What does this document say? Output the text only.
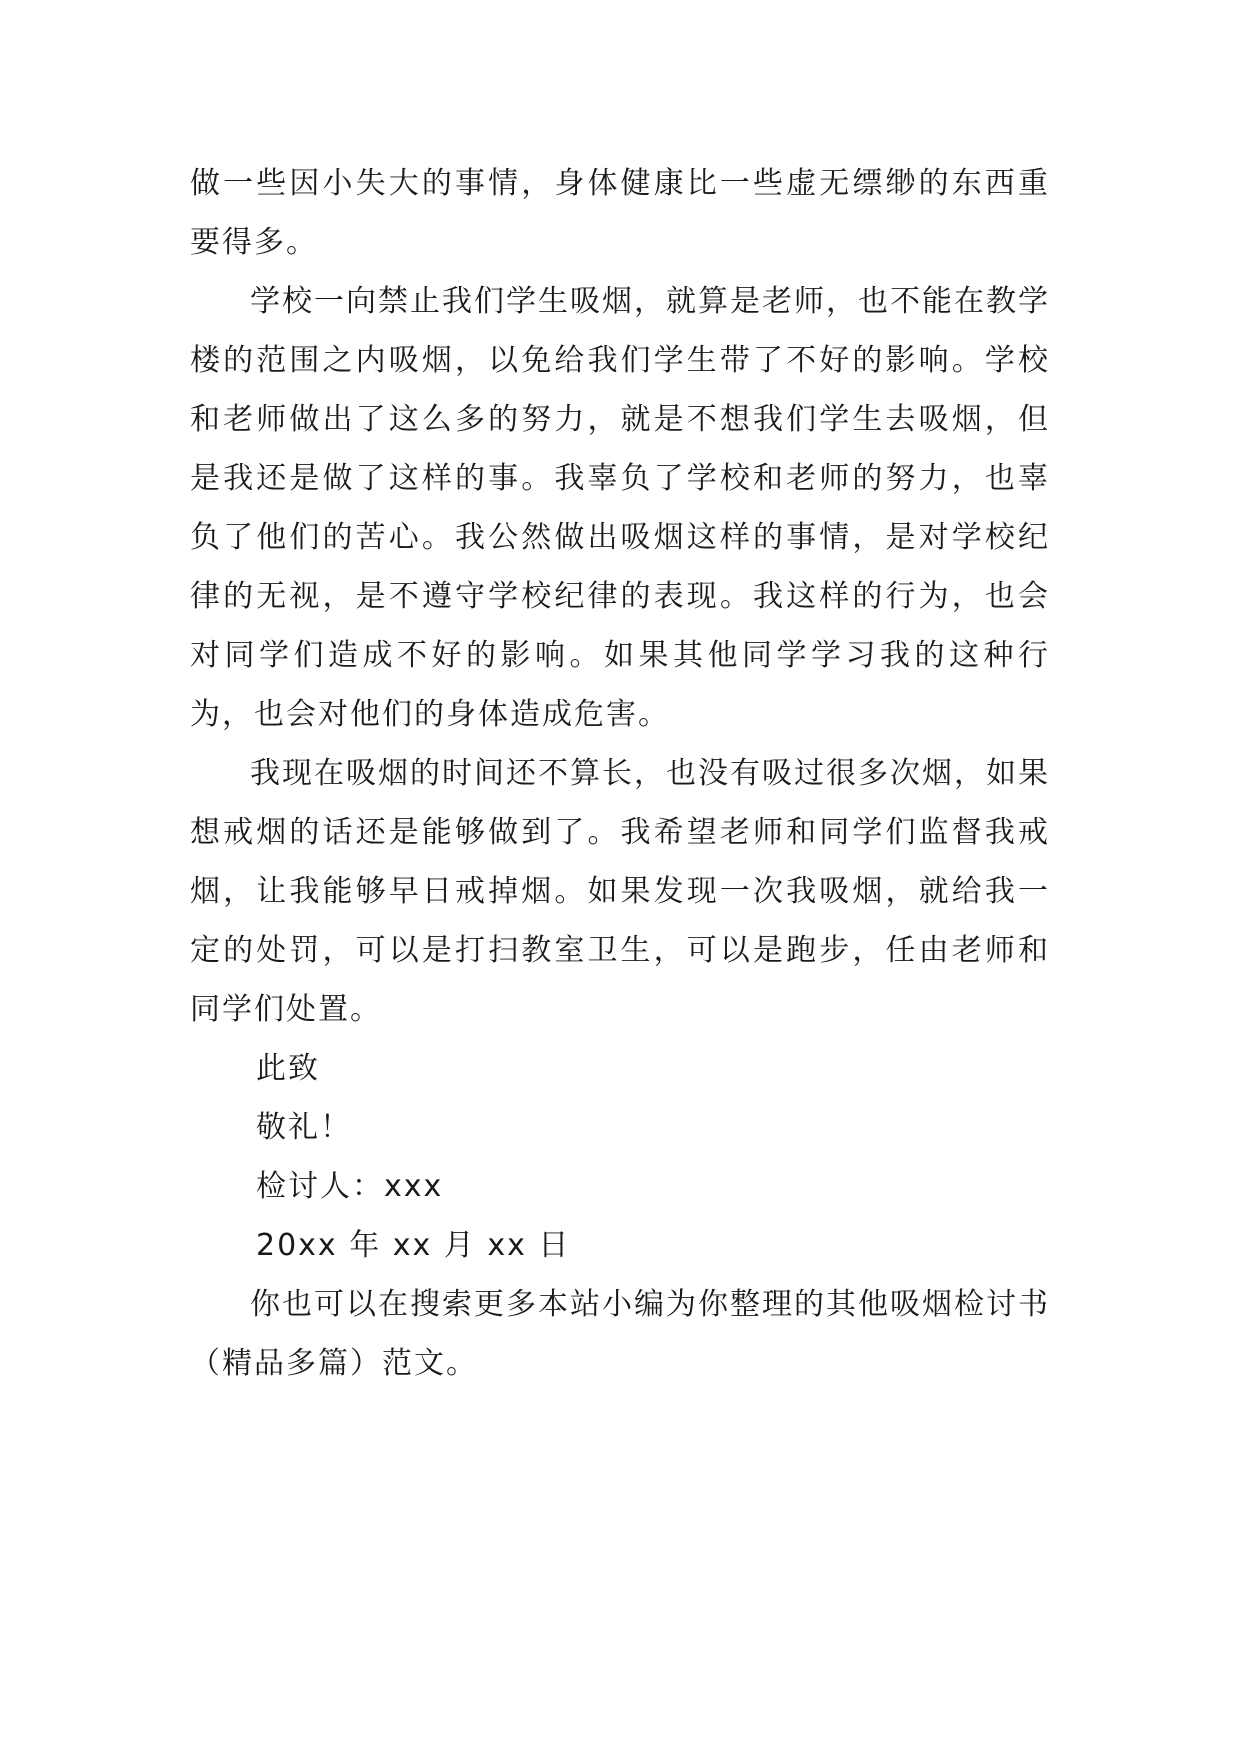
做一些因小失大的事情，身体健康比一些虚无缥缈的东西重要得多。

学校一向禁止我们学生吸烟，就算是老师，也不能在教学楼的范围之内吸烟，以免给我们学生带了不好的影响。学校和老师做出了这么多的努力，就是不想我们学生去吸烟，但是我还是做了这样的事。我辜负了学校和老师的努力，也辜负了他们的苦心。我公然做出吸烟这样的事情，是对学校纪律的无视，是不遵守学校纪律的表现。我这样的行为，也会对同学们造成不好的影响。如果其他同学学习我的这种行为，也会对他们的身体造成危害。

我现在吸烟的时间还不算长，也没有吸过很多次烟，如果想戒烟的话还是能够做到了。我希望老师和同学们监督我戒烟，让我能够早日戒掉烟。如果发现一次我吸烟，就给我一定的处罚，可以是打扫教室卫生，可以是跑步，任由老师和同学们处置。

此致
敬礼！
检讨人：xxx
20xx 年 xx 月 xx 日

你也可以在搜索更多本站小编为你整理的其他吸烟检讨书（精品多篇）范文。
